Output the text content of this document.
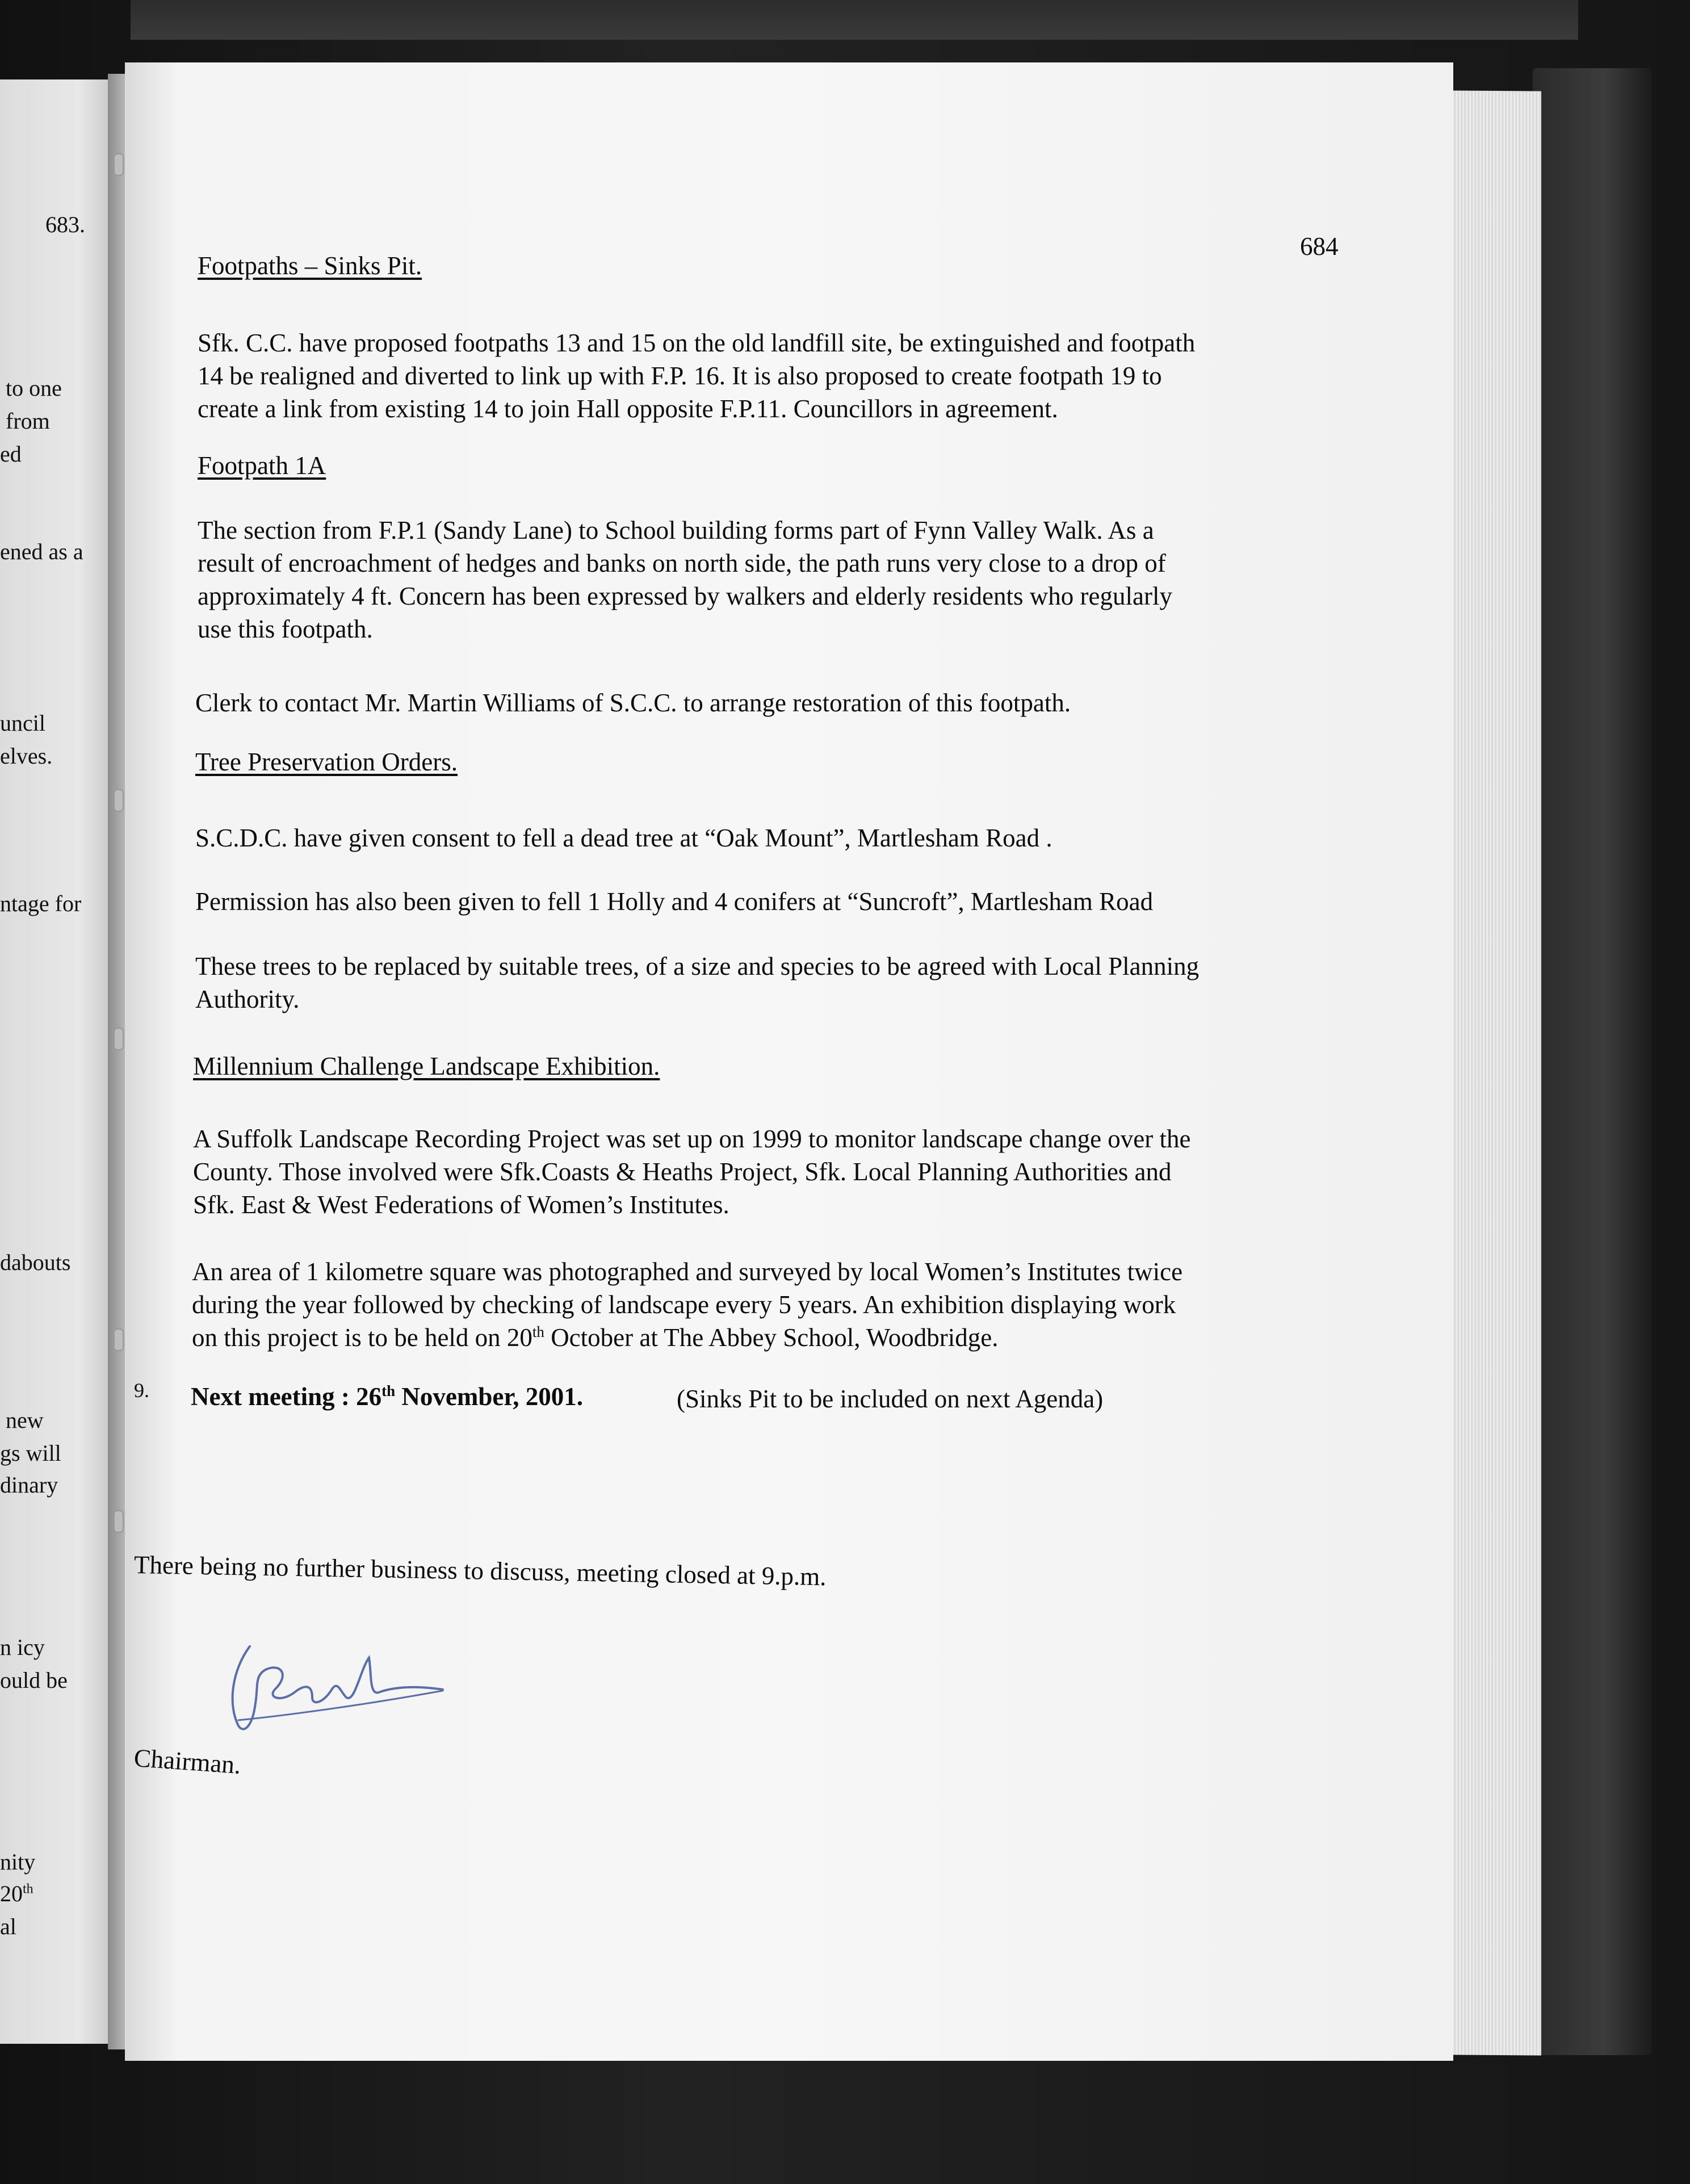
683.
to one
from
ed
ened as a
uncil
elves.
ntage for
dabouts
new
gs will
dinary
n icy
ould be
nity
20th
al
684
Footpaths – Sinks Pit.
Sfk. C.C. have proposed footpaths 13 and 15 on the old landfill site, be extinguished and footpath
14 be realigned and diverted to link up with F.P. 16. It is also proposed to create footpath 19 to
create a link from existing 14 to join Hall opposite F.P.11. Councillors in agreement.
Footpath 1A
The section from F.P.1 (Sandy Lane) to School building forms part of Fynn Valley Walk. As a
result of encroachment of hedges and banks on north side, the path runs very close to a drop of
approximately 4 ft. Concern has been expressed by walkers and elderly residents who regularly
use this footpath.
Clerk to contact Mr. Martin Williams of S.C.C. to arrange restoration of this footpath.
Tree Preservation Orders.
S.C.D.C. have given consent to fell a dead tree at “Oak Mount”, Martlesham Road .
Permission has also been given to fell 1 Holly and 4 conifers at “Suncroft”, Martlesham Road
These trees to be replaced by suitable trees, of a size and species to be agreed with Local Planning
Authority.
Millennium Challenge Landscape Exhibition.
A Suffolk Landscape Recording Project was set up on 1999 to monitor landscape change over the
County. Those involved were Sfk.Coasts & Heaths Project, Sfk. Local Planning Authorities and
Sfk. East & West Federations of Women’s Institutes.
An area of 1 kilometre square was photographed and surveyed by local Women’s Institutes twice
during the year followed by checking of landscape every 5 years. An exhibition displaying work
on this project is to be held on 20th October at The Abbey School, Woodbridge.
9. Next meeting : 26th November, 2001.	(Sinks Pit to be included on next Agenda)
There being no further business to discuss, meeting closed at 9.p.m.
Chairman.
